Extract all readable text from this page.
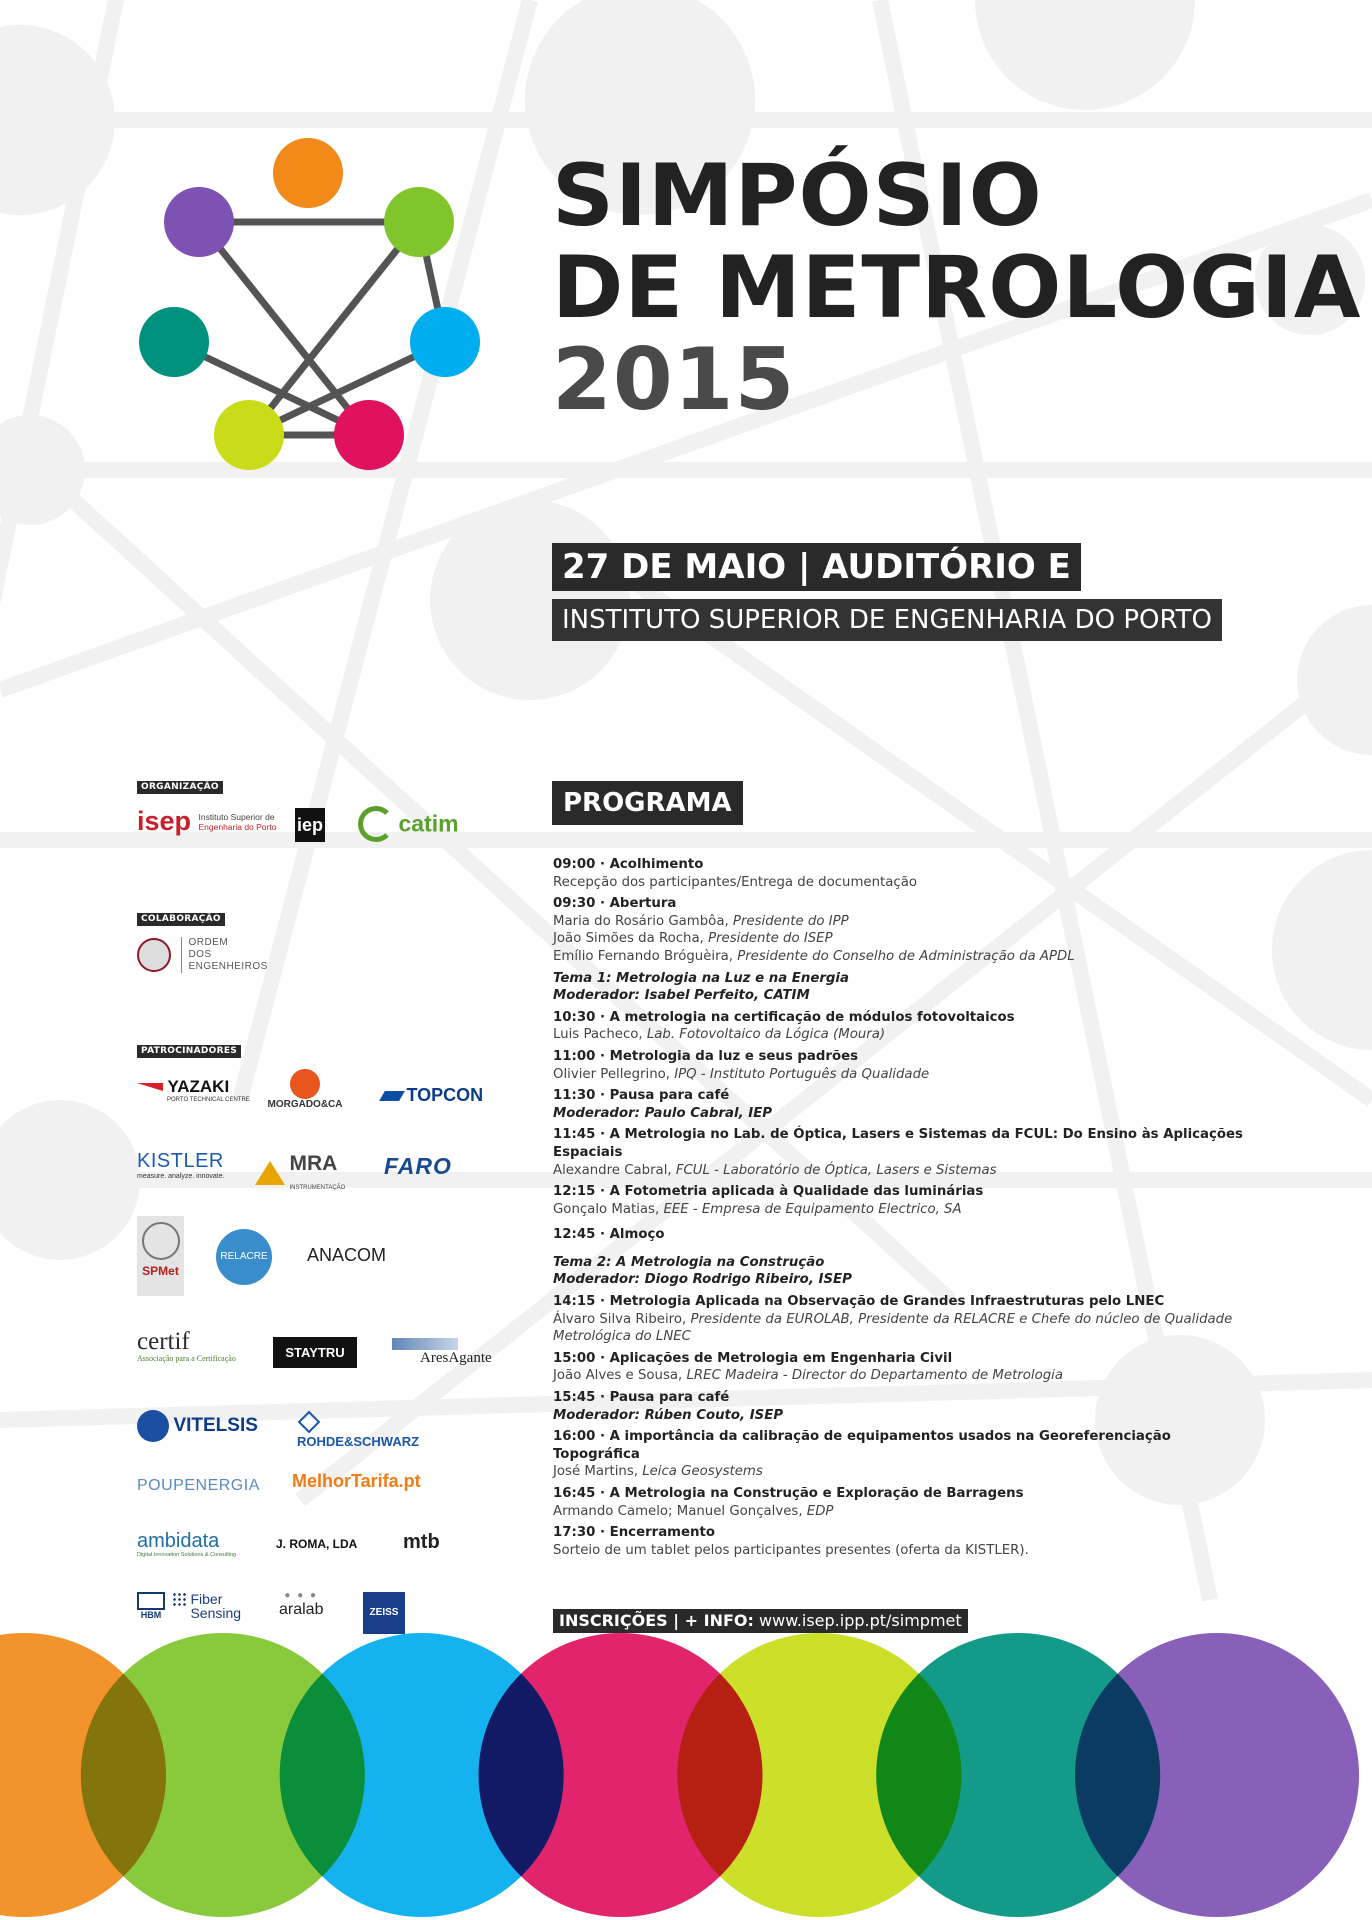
SIMPÓSIO
DE METROLOGIA
2015
27 DE MAIO | AUDITÓRIO E
INSTITUTO SUPERIOR DE ENGENHARIA DO PORTO
ORGANIZAÇÃO
isep Instituto Superior de
Engenharia do Porto iep	catim
COLABORAÇÃO
ORDEM
DOS
ENGENHEIROS
PATROCINADORES
YAZAKI
PORTO TECHNICAL CENTRE MORGADO&CA	TOPCON
KISTLER
measure. analyze. innovate.
MRA
INSTRUMENTAÇÃO
FARO
SPMet
RELACRE ANACOM
certif
Associação para a Certificação	STAYTRU	AresAgante
VITELSIS
ROHDE&SCHWARZ
POUPENERGIA MelhorTarifa.pt
ambidata
Digital Innovation Solutions & Consulting
J. ROMA, LDA mtb
HBM
Fiber
Sensing
● ● ●
aralab	ZEISS
PROGRAMA
09:00 · Acolhimento
Recepção dos participantes/Entrega de documentação
09:30 · Abertura
Maria do Rosário Gambôa, Presidente do IPP
João Simões da Rocha, Presidente do ISEP
Emílio Fernando Bróguèira, Presidente do Conselho de Administração da APDL
Tema 1: Metrologia na Luz e na Energia
Moderador: Isabel Perfeito, CATIM
10:30 · A metrologia na certificação de módulos fotovoltaicos
Luis Pacheco, Lab. Fotovoltaico da Lógica (Moura)
11:00 · Metrologia da luz e seus padrões
Olivier Pellegrino, IPQ - Instituto Português da Qualidade
11:30 · Pausa para café
Moderador: Paulo Cabral, IEP
11:45 · A Metrologia no Lab. de Óptica, Lasers e Sistemas da FCUL: Do Ensino às Aplicações Espaciais
Alexandre Cabral, FCUL - Laboratório de Óptica, Lasers e Sistemas
12:15 · A Fotometria aplicada à Qualidade das luminárias
Gonçalo Matias, EEE - Empresa de Equipamento Electrico, SA
12:45 · Almoço
Tema 2: A Metrologia na Construção
Moderador: Diogo Rodrigo Ribeiro, ISEP
14:15 · Metrologia Aplicada na Observação de Grandes Infraestruturas pelo LNEC
Álvaro Silva Ribeiro, Presidente da EUROLAB, Presidente da RELACRE e Chefe do núcleo de Qualidade
Metrológica do LNEC
15:00 · Aplicações de Metrologia em Engenharia Civil
João Alves e Sousa, LREC Madeira - Director do Departamento de Metrologia
15:45 · Pausa para café
Moderador: Rúben Couto, ISEP
16:00 · A importância da calibração de equipamentos usados na Georeferenciação Topográfica
José Martins, Leica Geosystems
16:45 · A Metrologia na Construção e Exploração de Barragens
Armando Camelo; Manuel Gonçalves, EDP
17:30 · Encerramento
Sorteio de um tablet pelos participantes presentes (oferta da KISTLER).
INSCRIÇÕES | + INFO: www.isep.ipp.pt/simpmet
